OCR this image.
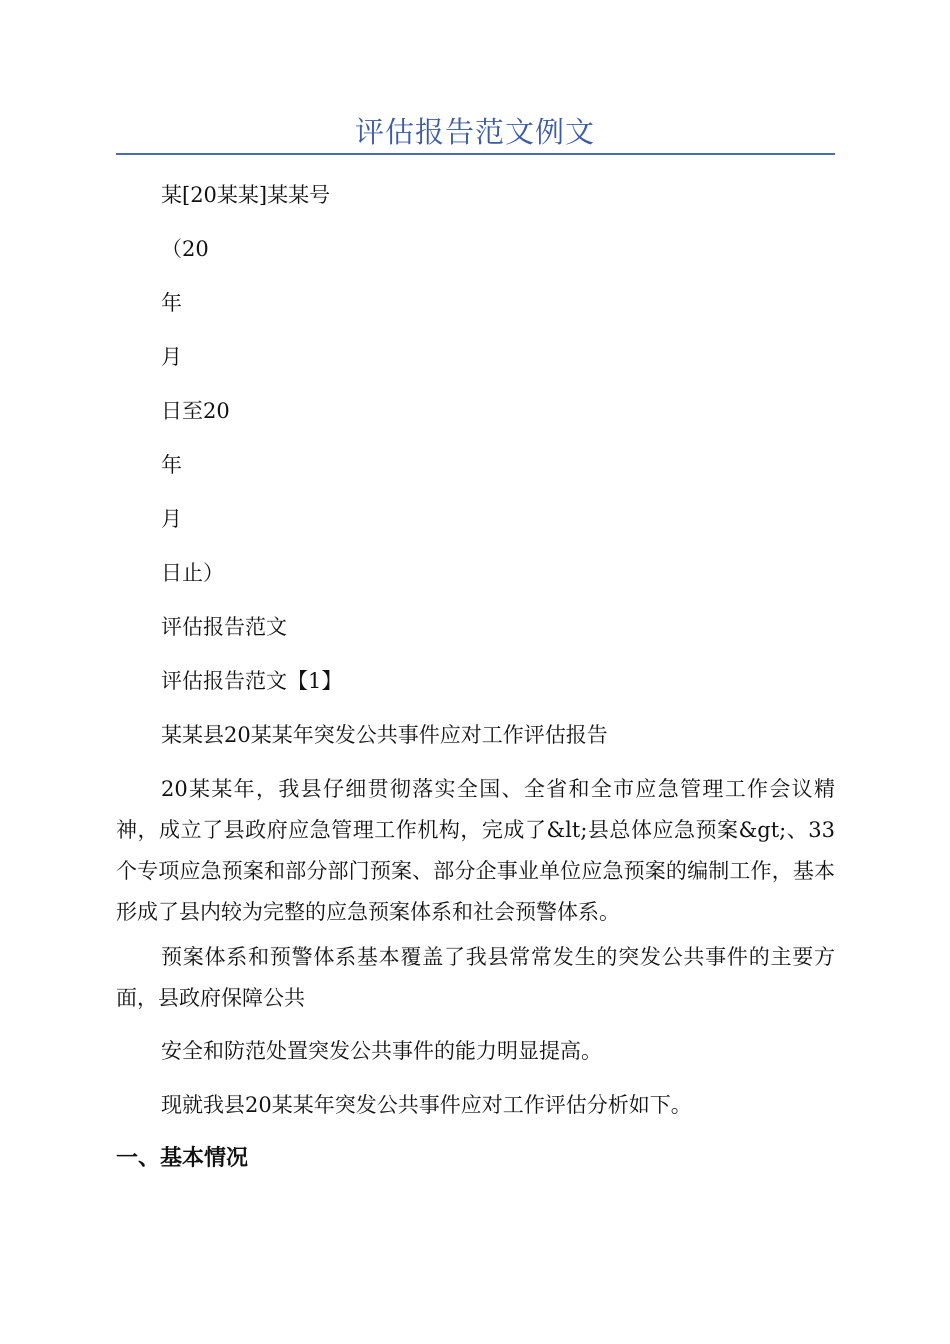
评估报告范文例文
某[20某某]某某号
（20
年
月
日至20
年
月
日止）
评估报告范文
评估报告范文【1】
某某县20某某年突发公共事件应对工作评估报告

20某某年，我县仔细贯彻落实全国、全省和全市应急管理工作会议精神，成立了县政府应急管理工作机构，完成了&lt;县总体应急预案&gt;、33个专项应急预案和部分部门预案、部分企事业单位应急预案的编制工作，基本形成了县内较为完整的应急预案体系和社会预警体系。

预案体系和预警体系基本覆盖了我县常常发生的突发公共事件的主要方面，县政府保障公共

安全和防范处置突发公共事件的能力明显提高。

现就我县20某某年突发公共事件应对工作评估分析如下。

一、基本情况
